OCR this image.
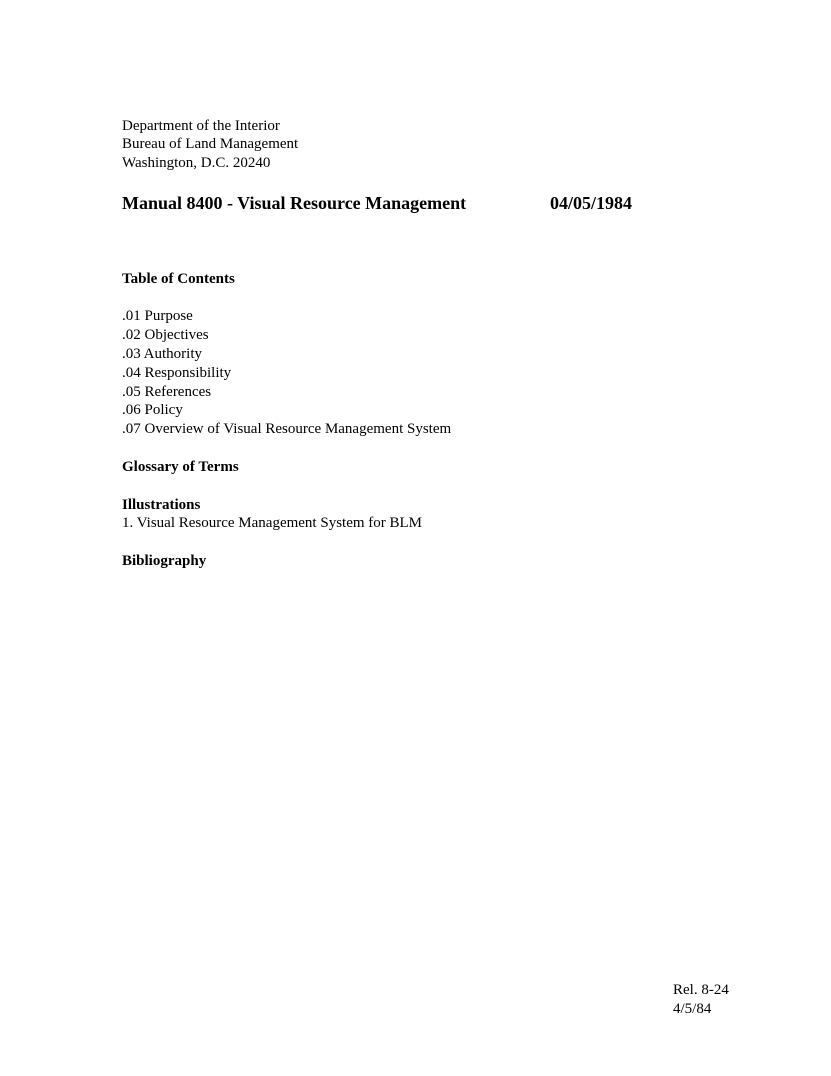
Department of the Interior
Bureau of Land Management
Washington, D.C. 20240
Manual 8400 - Visual Resource Management	04/05/1984
Table of Contents
.01 Purpose
.02 Objectives
.03 Authority
.04 Responsibility
.05 References
.06 Policy
.07 Overview of Visual Resource Management System
Glossary of Terms
Illustrations
1. Visual Resource Management System for BLM
Bibliography
Rel. 8-24
4/5/84
